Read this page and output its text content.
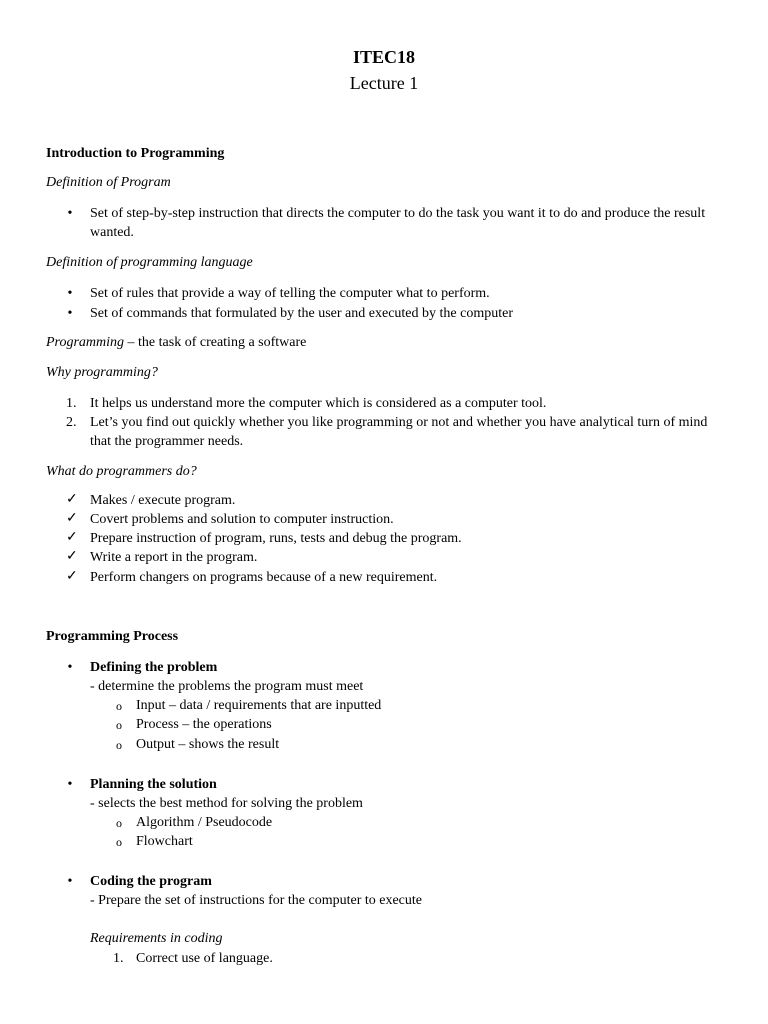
ITEC18
Lecture 1
Introduction to Programming
Definition of Program
• Set of step-by-step instruction that directs the computer to do the task you want it to do and produce the result wanted.
Definition of programming language
• Set of rules that provide a way of telling the computer what to perform.
• Set of commands that formulated by the user and executed by the computer
Programming – the task of creating a software
Why programming?
1. It helps us understand more the computer which is considered as a computer tool.
2. Let’s you find out quickly whether you like programming or not and whether you have analytical turn of mind that the programmer needs.
What do programmers do?
✓ Makes / execute program.
✓ Covert problems and solution to computer instruction.
✓ Prepare instruction of program, runs, tests and debug the program.
✓ Write a report in the program.
✓ Perform changers on programs because of a new requirement.
Programming Process
• Defining the problem
- determine the problems the program must meet
o Input – data / requirements that are inputted
o Process – the operations
o Output – shows the result
• Planning the solution
- selects the best method for solving the problem
o Algorithm / Pseudocode
o Flowchart
• Coding the program
- Prepare the set of instructions for the computer to execute
Requirements in coding
1. Correct use of language.
